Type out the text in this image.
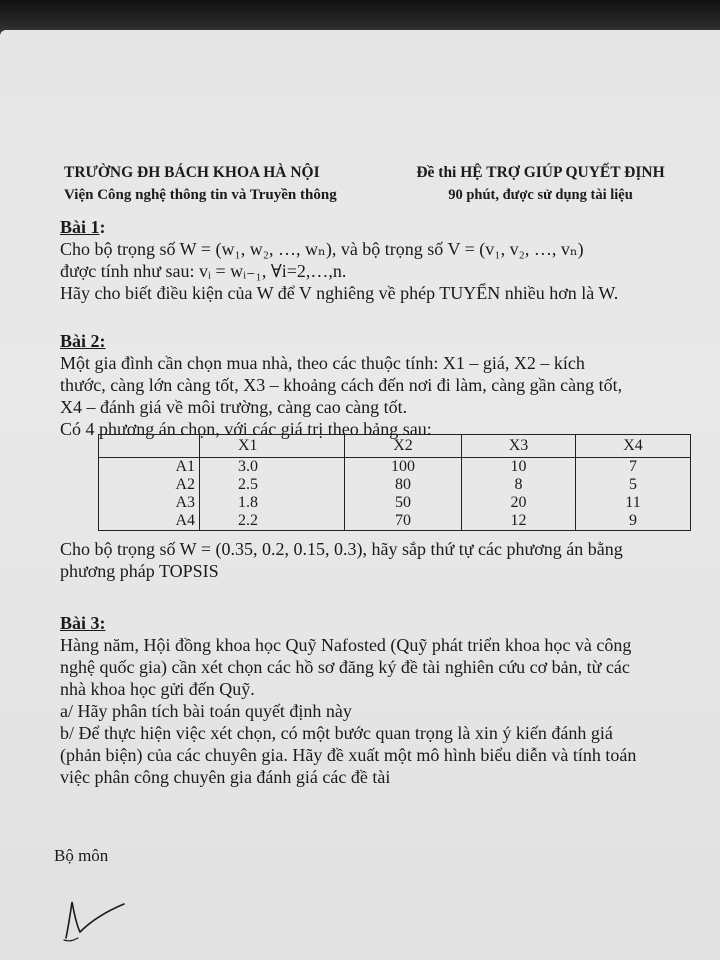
TRƯỜNG ĐH BÁCH KHOA HÀ NỘI
Viện Công nghệ thông tin và Truyền thông
Đề thi HỆ TRỢ GIÚP QUYẾT ĐỊNH
90 phút, được sử dụng tài liệu
Bài 1:
Cho bộ trọng số W = (w₁, w₂, …, wₙ), và bộ trọng số V = (v₁, v₂, …, vₙ)
được tính như sau: vᵢ = wᵢ₋₁, ∀i=2,…,n.
Hãy cho biết điều kiện của W để V nghiêng về phép TUYỂN nhiều hơn là W.
Bài 2:
Một gia đình cần chọn mua nhà, theo các thuộc tính: X1 – giá, X2 – kích
thước, càng lớn càng tốt, X3 – khoảng cách đến nơi đi làm, càng gần càng tốt,
X4 – đánh giá về môi trường, càng cao càng tốt.
Có 4 phương án chọn, với các giá trị theo bảng sau:
	X1	X2	X3	X4
A1	3.0	100	10	7
A2	2.5	80	8	5
A3	1.8	50	20	11
A4	2.2	70	12	9
Cho bộ trọng số W = (0.35, 0.2, 0.15, 0.3), hãy sắp thứ tự các phương án bằng
phương pháp TOPSIS
Bài 3:
Hàng năm, Hội đồng khoa học Quỹ Nafosted (Quỹ phát triển khoa học và công
nghệ quốc gia) cần xét chọn các hồ sơ đăng ký đề tài nghiên cứu cơ bản, từ các
nhà khoa học gửi đến Quỹ.
a/ Hãy phân tích bài toán quyết định này
b/ Để thực hiện việc xét chọn, có một bước quan trọng là xin ý kiến đánh giá
(phản biện) của các chuyên gia. Hãy đề xuất một mô hình biểu diễn và tính toán
việc phân công chuyên gia đánh giá các đề tài
Bộ môn
